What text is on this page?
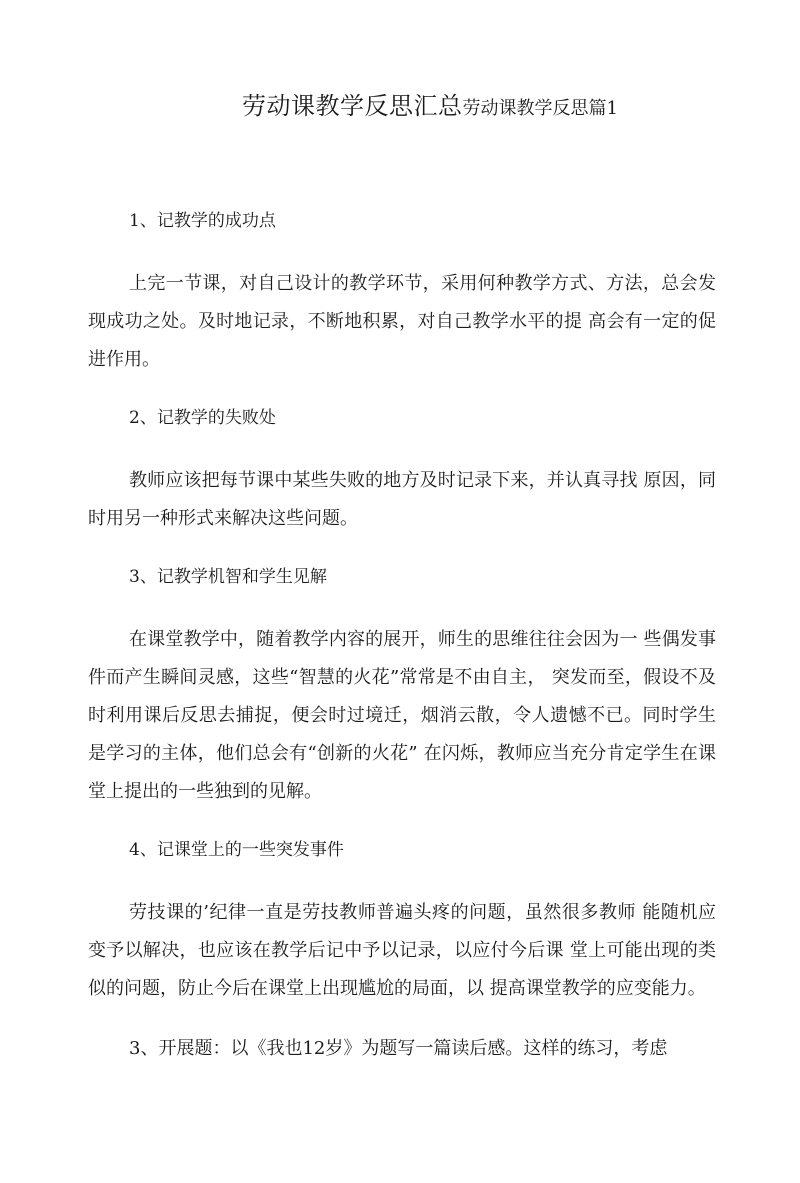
劳动课教学反思汇总劳动课教学反思篇1
1、记教学的成功点
上完一节课，对自己设计的教学环节，采用何种教学方式、方法，总会发现成功之处。及时地记录，不断地积累，对自己教学水平的提 高会有一定的促进作用。
2、记教学的失败处
教师应该把每节课中某些失败的地方及时记录下来，并认真寻找 原因，同时用另一种形式来解决这些问题。
3、记教学机智和学生见解
在课堂教学中，随着教学内容的展开，师生的思维往往会因为一 些偶发事件而产生瞬间灵感，这些“智慧的火花”常常是不由自主， 突发而至，假设不及时利用课后反思去捕捉，便会时过境迁，烟消云散，令人遗憾不已。同时学生是学习的主体，他们总会有“创新的火花” 在闪烁，教师应当充分肯定学生在课堂上提出的一些独到的见解。
4、记课堂上的一些突发事件
劳技课的’纪律一直是劳技教师普遍头疼的问题，虽然很多教师 能随机应变予以解决，也应该在教学后记中予以记录，以应付今后课 堂上可能出现的类似的问题，防止今后在课堂上出现尴尬的局面，以 提高课堂教学的应变能力。
3、开展题：以《我也12岁》为题写一篇读后感。这样的练习，考虑
